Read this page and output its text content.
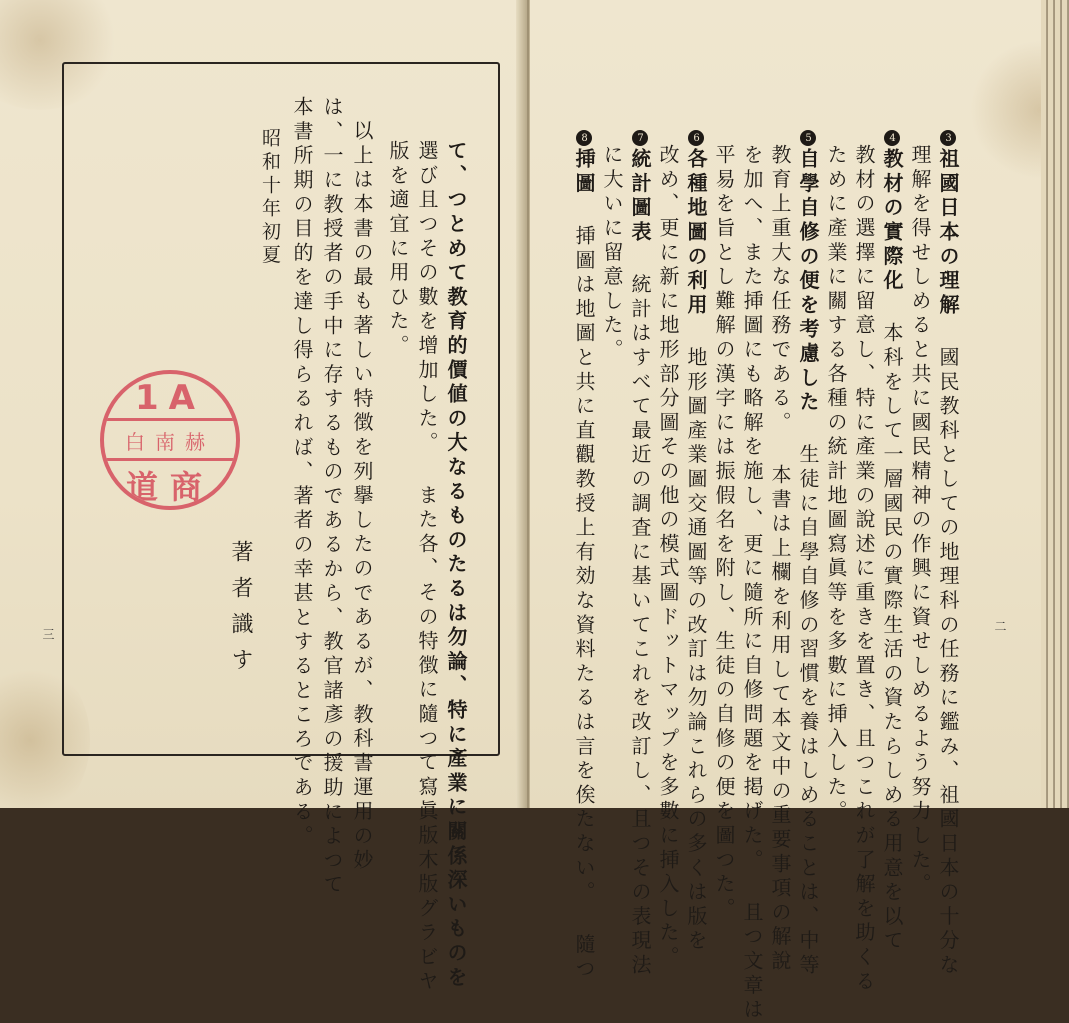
て、つとめて教育的價値の大なるものたるは勿論、特に產業に關係深いものを
選び且つその數を增加した。 また各、その特徴に隨つて寫眞版木版グラビヤ
版を適宜に用ひた。
以上は本書の最も著しい特徴を列擧したのであるが、教科書運用の妙
は、一に教授者の手中に存するものであるから、教官諸彥の援助によつて
本書所期の目的を達し得らるれば、著者の幸甚とするところである。
昭和十年初夏
著者識す
三
1A
白南赫
道商
3祖國日本の理解 國民教科としての地理科の任務に鑑み、祖國日本の十分な
理解を得せしめると共に國民精神の作興に資せしめるよう努力した。
4教材の實際化 本科をして一層國民の實際生活の資たらしめる用意を以て
教材の選擇に留意し、特に產業の說述に重きを置き、且つこれが了解を助くる
ために產業に關する各種の統計地圖寫眞等を多數に挿入した。
5自學自修の便を考慮した 生徒に自學自修の習慣を養はしめることは、中等
教育上重大な任務である。 本書は上欄を利用して本文中の重要事項の解說
を加へ、また挿圖にも略解を施し、更に隨所に自修問題を掲げた。 且つ文章は
平易を旨とし難解の漢字には振假名を附し、生徒の自修の便を圖つた。
6各種地圖の利用 地形圖產業圖交通圖等の改訂は勿論これらの多くは版を
改め、更に新に地形部分圖その他の模式圖ドットマップを多數に挿入した。
7統計圖表 統計はすべて最近の調査に基いてこれを改訂し、且つその表現法
に大いに留意した。
8挿圖 挿圖は地圖と共に直觀教授上有効な資料たるは言を俟たない。 隨つ	二
